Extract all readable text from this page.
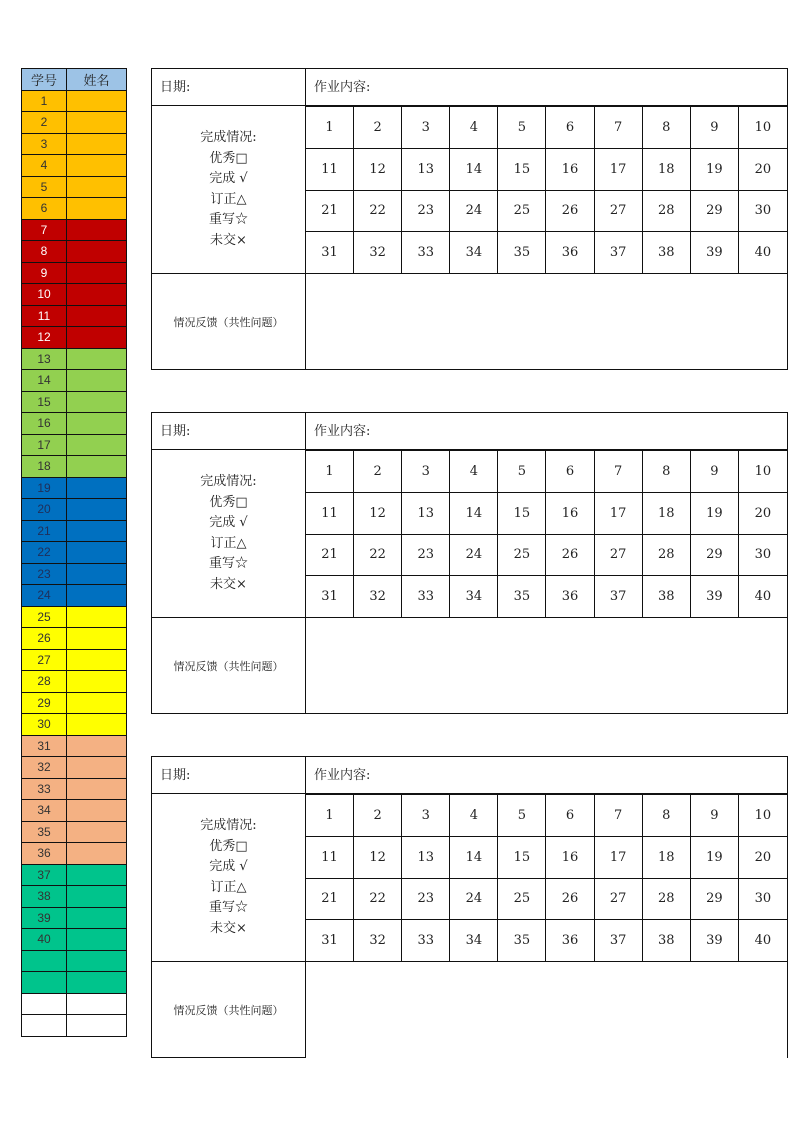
学号	姓名
1	
2	
3	
4	
5	
6	
7	
8	
9	
10	
11	
12	
13	
14	
15	
16	
17	
18	
19	
20	
21	
22	
23	
24	
25	
26	
27	
28	
29	
30	
31	
32	
33	
34	
35	
36	
37	
38	
39	
40	

日期:	作业内容:
完成情况:
优秀□
完成 √
订正△
重写☆
未交×
1	2	3	4	5	6	7	8	9	10
11	12	13	14	15	16	17	18	19	20
21	22	23	24	25	26	27	28	29	30
31	32	33	34	35	36	37	38	39	40
情况反馈（共性问题）
日期:	作业内容:
完成情况:
优秀□
完成 √
订正△
重写☆
未交×
1	2	3	4	5	6	7	8	9	10
11	12	13	14	15	16	17	18	19	20
21	22	23	24	25	26	27	28	29	30
31	32	33	34	35	36	37	38	39	40
情况反馈（共性问题）
日期:	作业内容:
完成情况:
优秀□
完成 √
订正△
重写☆
未交×
1	2	3	4	5	6	7	8	9	10
11	12	13	14	15	16	17	18	19	20
21	22	23	24	25	26	27	28	29	30
31	32	33	34	35	36	37	38	39	40
情况反馈（共性问题）
